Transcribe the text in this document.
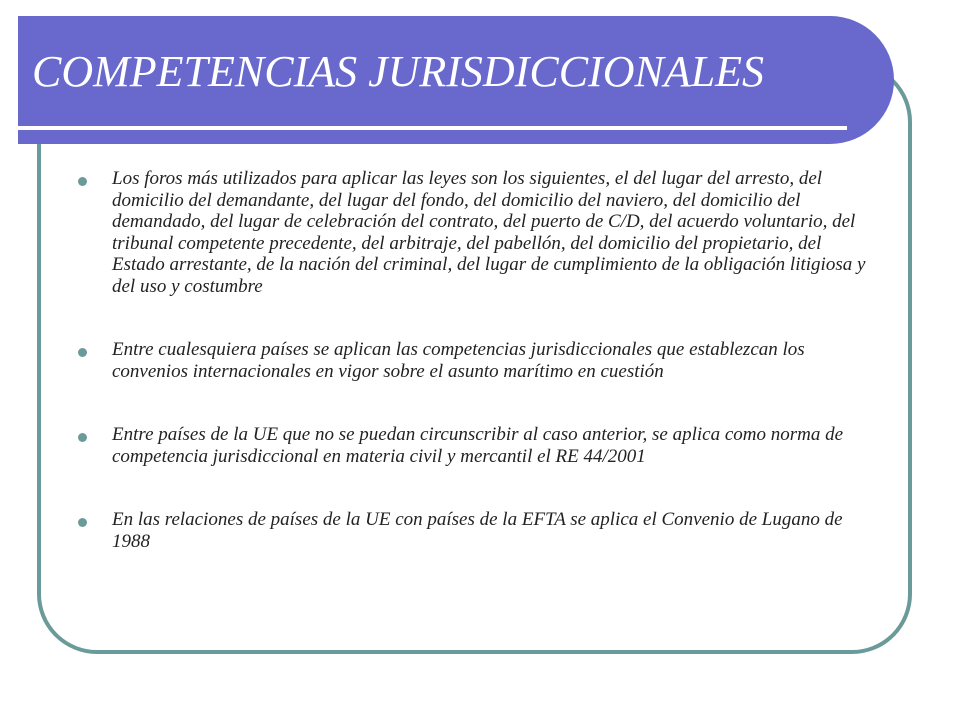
COMPETENCIAS JURISDICCIONALES
Los foros más utilizados para aplicar las leyes son los siguientes, el del lugar del arresto, del domicilio del demandante, del lugar del fondo, del domicilio del naviero, del domicilio del demandado, del lugar de celebración del contrato, del puerto de C/D, del acuerdo voluntario, del tribunal competente precedente, del arbitraje, del pabellón, del domicilio del propietario, del Estado arrestante, de la nación del criminal, del lugar de cumplimiento de la obligación litigiosa y del uso y costumbre
Entre cualesquiera países se aplican las competencias jurisdiccionales que establezcan los convenios internacionales en vigor sobre el asunto marítimo en cuestión
Entre países de la UE que no se puedan circunscribir al caso anterior, se aplica como norma de competencia jurisdiccional en materia civil y mercantil el RE 44/2001
En las relaciones de países de la UE con países de la EFTA se aplica el Convenio de Lugano de 1988
